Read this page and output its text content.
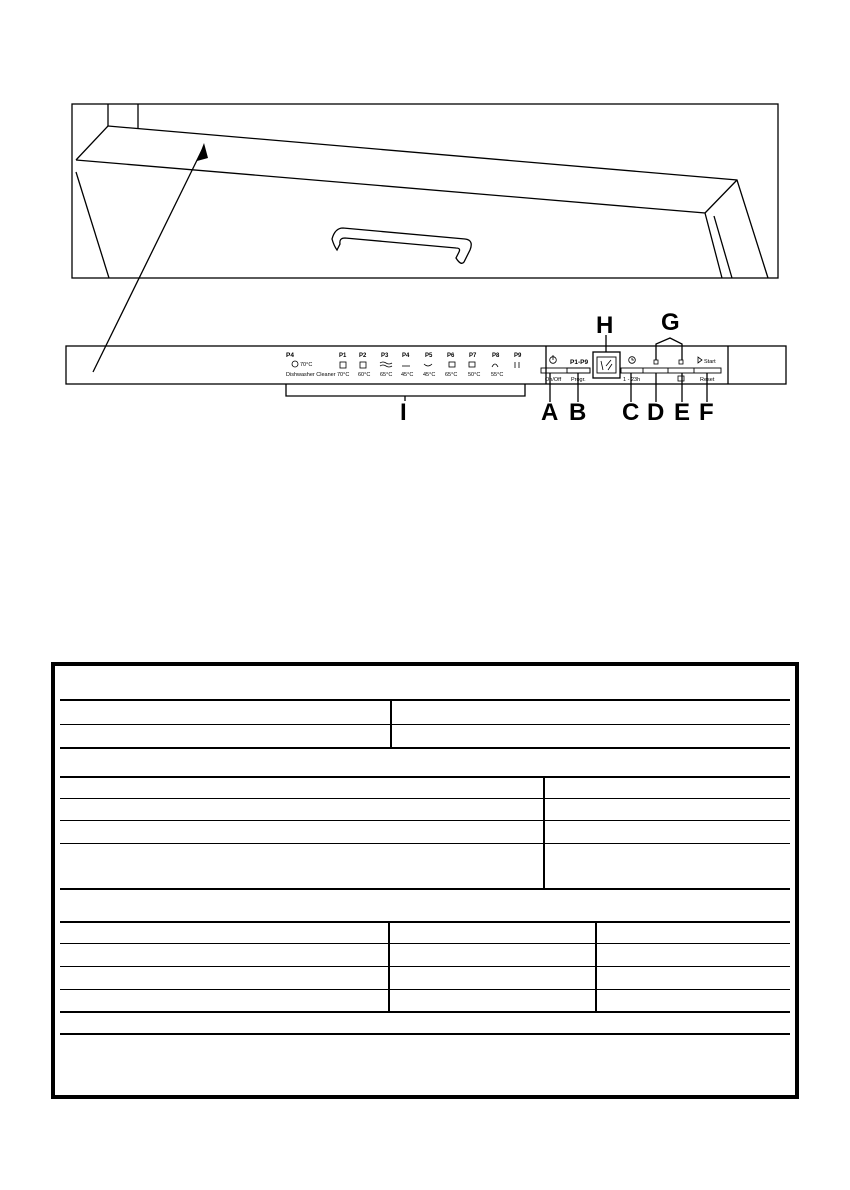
P4
70°C
Dishwasher Cleaner
P1 P2 P3 P4	P5 P6 P7	P8 P9
70°C 60°C 65°C 45°C 45°C 65°C 50°C 55°C
On/Off
P1-P9
Progr.	1 - 23h
Start
Reset
H G
I	A B C D E F
